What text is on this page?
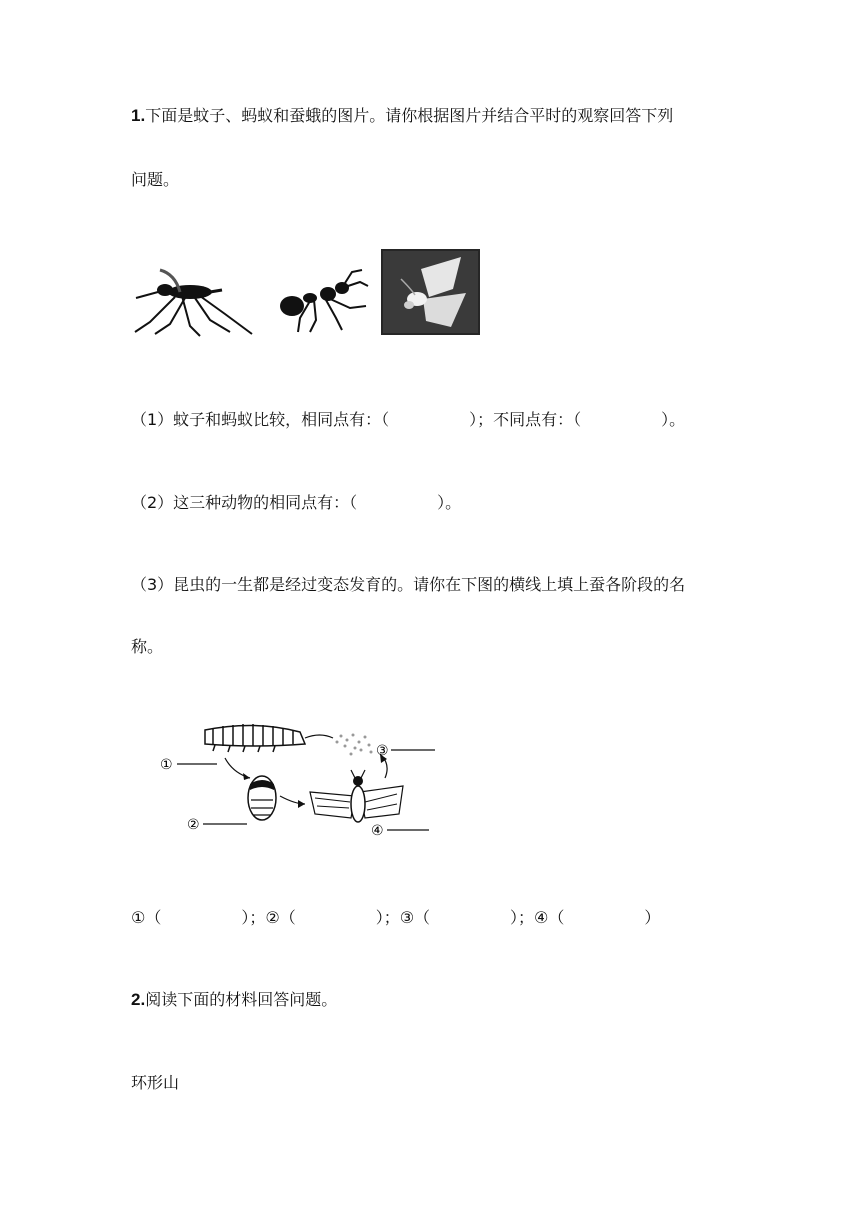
1.下面是蚊子、蚂蚁和蚕蛾的图片。请你根据图片并结合平时的观察回答下列
问题。
（1）蚊子和蚂蚁比较，相同点有：（　　　　　）；不同点有：（　　　　　）。
（2）这三种动物的相同点有：（　　　　　）。
（3）昆虫的一生都是经过变态发育的。请你在下图的横线上填上蚕各阶段的名
称。
①
②
③
④
①（　　　　　）；②（　　　　　）；③（　　　　　）；④（　　　　　）
2.阅读下面的材料回答问题。
环形山
